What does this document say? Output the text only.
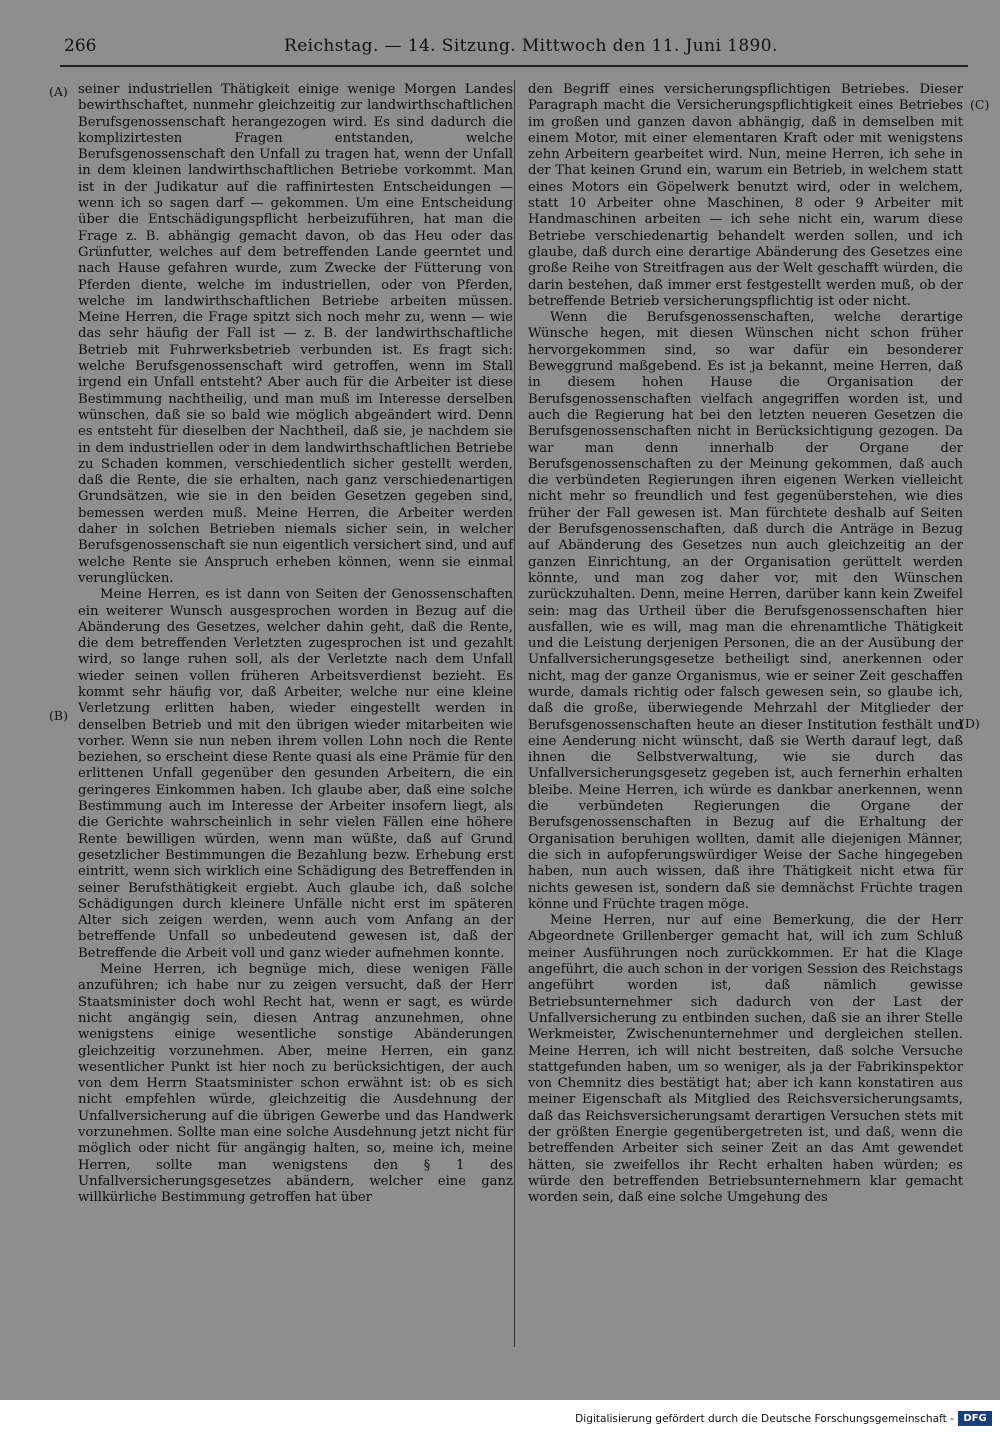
266	Reichstag. — 14. Sitzung. Mittwoch den 11. Juni 1890.
(A)
(B)
(C)
(D)

seiner industriellen Thätigkeit einige wenige Morgen Landes bewirthschaftet, nunmehr gleichzeitig zur landwirthschaftlichen Berufsgenossenschaft herangezogen wird. Es sind dadurch die komplizirtesten Fragen entstanden, welche Berufsgenossenschaft den Unfall zu tragen hat, wenn der Unfall in dem kleinen landwirthschaftlichen Betriebe vorkommt. Man ist in der Judikatur auf die raffinirtesten Entscheidungen — wenn ich so sagen darf — gekommen. Um eine Entscheidung über die Entschädigungspflicht herbeizuführen, hat man die Frage z. B. abhängig gemacht davon, ob das Heu oder das Grünfutter, welches auf dem betreffenden Lande geerntet und nach Hause gefahren wurde, zum Zwecke der Fütterung von Pferden diente, welche im industriellen, oder von Pferden, welche im landwirthschaftlichen Betriebe arbeiten müssen. Meine Herren, die Frage spitzt sich noch mehr zu, wenn — wie das sehr häufig der Fall ist — z. B. der landwirthschaftliche Betrieb mit Fuhrwerksbetrieb verbunden ist. Es fragt sich: welche Berufsgenossenschaft wird getroffen, wenn im Stall irgend ein Unfall entsteht? Aber auch für die Arbeiter ist diese Bestimmung nachtheilig, und man muß im Interesse derselben wünschen, daß sie so bald wie möglich abgeändert wird. Denn es entsteht für dieselben der Nachtheil, daß sie, je nachdem sie in dem industriellen oder in dem landwirthschaftlichen Betriebe zu Schaden kommen, verschiedentlich sicher gestellt werden, daß die Rente, die sie erhalten, nach ganz verschiedenartigen Grundsätzen, wie sie in den beiden Gesetzen gegeben sind, bemessen werden muß. Meine Herren, die Arbeiter werden daher in solchen Betrieben niemals sicher sein, in welcher Berufsgenossenschaft sie nun eigentlich versichert sind, und auf welche Rente sie Anspruch erheben können, wenn sie einmal verunglücken.

Meine Herren, es ist dann von Seiten der Genossenschaften ein weiterer Wunsch ausgesprochen worden in Bezug auf die Abänderung des Gesetzes, welcher dahin geht, daß die Rente, die dem betreffenden Verletzten zugesprochen ist und gezahlt wird, so lange ruhen soll, als der Verletzte nach dem Unfall wieder seinen vollen früheren Arbeitsverdienst bezieht. Es kommt sehr häufig vor, daß Arbeiter, welche nur eine kleine Verletzung erlitten haben, wieder eingestellt werden in denselben Betrieb und mit den übrigen wieder mitarbeiten wie vorher. Wenn sie nun neben ihrem vollen Lohn noch die Rente beziehen, so erscheint diese Rente quasi als eine Prämie für den erlittenen Unfall gegenüber den gesunden Arbeitern, die ein geringeres Einkommen haben. Ich glaube aber, daß eine solche Bestimmung auch im Interesse der Arbeiter insofern liegt, als die Gerichte wahrscheinlich in sehr vielen Fällen eine höhere Rente bewilligen würden, wenn man wüßte, daß auf Grund gesetzlicher Bestimmungen die Bezahlung bezw. Erhebung erst eintritt, wenn sich wirklich eine Schädigung des Betreffenden in seiner Berufsthätigkeit ergiebt. Auch glaube ich, daß solche Schädigungen durch kleinere Unfälle nicht erst im späteren Alter sich zeigen werden, wenn auch vom Anfang an der betreffende Unfall so unbedeutend gewesen ist, daß der Betreffende die Arbeit voll und ganz wieder aufnehmen konnte.

Meine Herren, ich begnüge mich, diese wenigen Fälle anzuführen; ich habe nur zu zeigen versucht, daß der Herr Staatsminister doch wohl Recht hat, wenn er sagt, es würde nicht angängig sein, diesen Antrag anzunehmen, ohne wenigstens einige wesentliche sonstige Abänderungen gleichzeitig vorzunehmen. Aber, meine Herren, ein ganz wesentlicher Punkt ist hier noch zu berücksichtigen, der auch von dem Herrn Staatsminister schon erwähnt ist: ob es sich nicht empfehlen würde, gleichzeitig die Ausdehnung der Unfallversicherung auf die übrigen Gewerbe und das Handwerk vorzunehmen. Sollte man eine solche Ausdehnung jetzt nicht für möglich oder nicht für angängig halten, so, meine ich, meine Herren, sollte man wenigstens den § 1 des Unfallversicherungsgesetzes abändern, welcher eine ganz willkürliche Bestimmung getroffen hat über

den Begriff eines versicherungspflichtigen Betriebes. Dieser Paragraph macht die Versicherungspflichtigkeit eines Betriebes im großen und ganzen davon abhängig, daß in demselben mit einem Motor, mit einer elementaren Kraft oder mit wenigstens zehn Arbeitern gearbeitet wird. Nun, meine Herren, ich sehe in der That keinen Grund ein, warum ein Betrieb, in welchem statt eines Motors ein Göpelwerk benutzt wird, oder in welchem, statt 10 Arbeiter ohne Maschinen, 8 oder 9 Arbeiter mit Handmaschinen arbeiten — ich sehe nicht ein, warum diese Betriebe verschiedenartig behandelt werden sollen, und ich glaube, daß durch eine derartige Abänderung des Gesetzes eine große Reihe von Streitfragen aus der Welt geschafft würden, die darin bestehen, daß immer erst festgestellt werden muß, ob der betreffende Betrieb versicherungspflichtig ist oder nicht.

Wenn die Berufsgenossenschaften, welche derartige Wünsche hegen, mit diesen Wünschen nicht schon früher hervorgekommen sind, so war dafür ein besonderer Beweggrund maßgebend. Es ist ja bekannt, meine Herren, daß in diesem hohen Hause die Organisation der Berufsgenossenschaften vielfach angegriffen worden ist, und auch die Regierung hat bei den letzten neueren Gesetzen die Berufsgenossenschaften nicht in Berücksichtigung gezogen. Da war man denn innerhalb der Organe der Berufsgenossenschaften zu der Meinung gekommen, daß auch die verbündeten Regierungen ihren eigenen Werken vielleicht nicht mehr so freundlich und fest gegenüberstehen, wie dies früher der Fall gewesen ist. Man fürchtete deshalb auf Seiten der Berufsgenossenschaften, daß durch die Anträge in Bezug auf Abänderung des Gesetzes nun auch gleichzeitig an der ganzen Einrichtung, an der Organisation gerüttelt werden könnte, und man zog daher vor, mit den Wünschen zurückzuhalten. Denn, meine Herren, darüber kann kein Zweifel sein: mag das Urtheil über die Berufsgenossenschaften hier ausfallen, wie es will, mag man die ehrenamtliche Thätigkeit und die Leistung derjenigen Personen, die an der Ausübung der Unfallversicherungsgesetze betheiligt sind, anerkennen oder nicht, mag der ganze Organismus, wie er seiner Zeit geschaffen wurde, damals richtig oder falsch gewesen sein, so glaube ich, daß die große, überwiegende Mehrzahl der Mitglieder der Berufsgenossenschaften heute an dieser Institution festhält und eine Aenderung nicht wünscht, daß sie Werth darauf legt, daß ihnen die Selbstverwaltung, wie sie durch das Unfallversicherungsgesetz gegeben ist, auch fernerhin erhalten bleibe. Meine Herren, ich würde es dankbar anerkennen, wenn die verbündeten Regierungen die Organe der Berufsgenossenschaften in Bezug auf die Erhaltung der Organisation beruhigen wollten, damit alle diejenigen Männer, die sich in aufopferungswürdiger Weise der Sache hingegeben haben, nun auch wissen, daß ihre Thätigkeit nicht etwa für nichts gewesen ist, sondern daß sie demnächst Früchte tragen könne und Früchte tragen möge.

Meine Herren, nur auf eine Bemerkung, die der Herr Abgeordnete Grillenberger gemacht hat, will ich zum Schluß meiner Ausführungen noch zurückkommen. Er hat die Klage angeführt, die auch schon in der vorigen Session des Reichstags angeführt worden ist, daß nämlich gewisse Betriebsunternehmer sich dadurch von der Last der Unfallversicherung zu entbinden suchen, daß sie an ihrer Stelle Werkmeister, Zwischenunternehmer und dergleichen stellen. Meine Herren, ich will nicht bestreiten, daß solche Versuche stattgefunden haben, um so weniger, als ja der Fabrikinspektor von Chemnitz dies bestätigt hat; aber ich kann konstatiren aus meiner Eigenschaft als Mitglied des Reichsversicherungsamts, daß das Reichsversicherungsamt derartigen Versuchen stets mit der größten Energie gegenübergetreten ist, und daß, wenn die betreffenden Arbeiter sich seiner Zeit an das Amt gewendet hätten, sie zweifellos ihr Recht erhalten haben würden; es würde den betreffenden Betriebsunternehmern klar gemacht worden sein, daß eine solche Umgehung des

Digitalisierung gefördert durch die Deutsche Forschungsgemeinschaft - DFG
